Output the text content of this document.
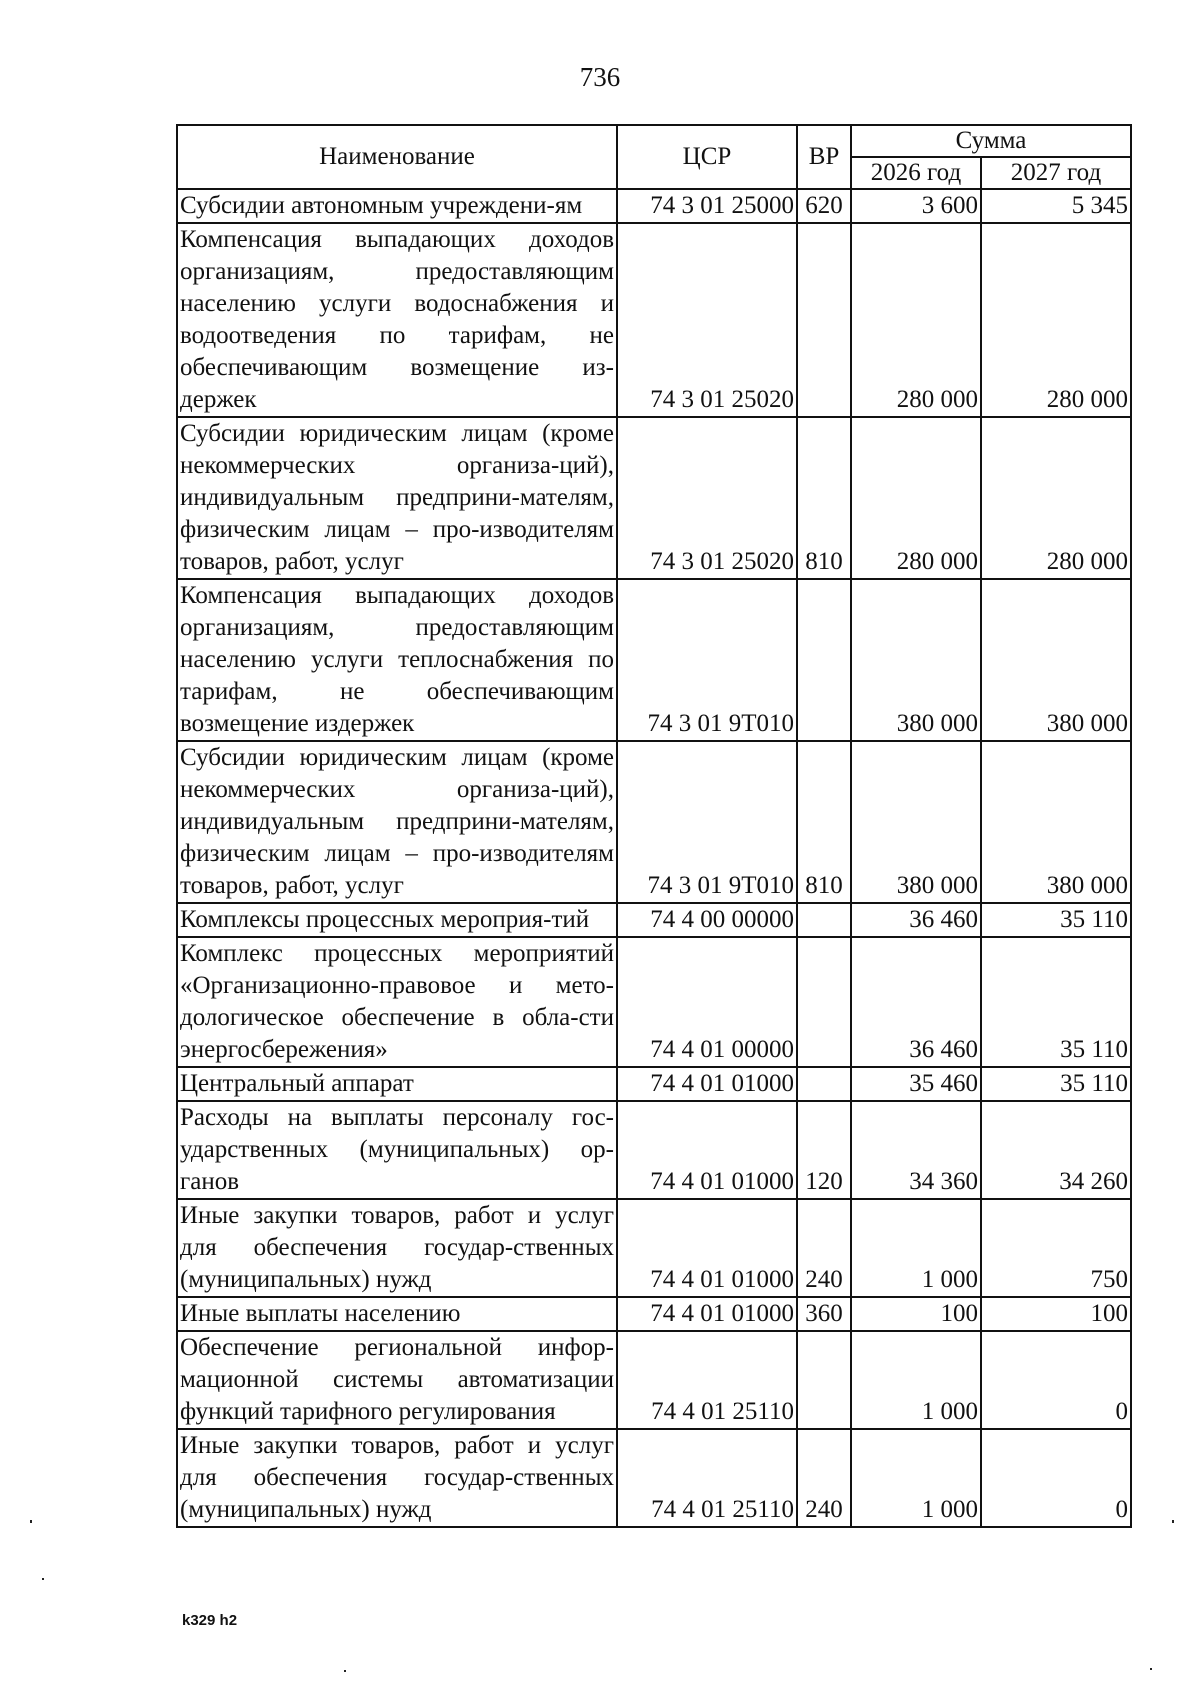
736
Наименование	ЦСР	ВР	Сумма	
			2026 год	2027 год
Субсидии автономным учреждени-ям	74 3 01 25000	620	3 600	5 345
Компенсация выпадающих доходов организациям, предоставляющим населению услуги водоснабжения и водоотведения по тарифам, не обеспечивающим возмещение из-держек	74 3 01 25020		280 000	280 000
Субсидии юридическим лицам (кроме некоммерческих организа-ций), индивидуальным предприни-мателям, физическим лицам – про-изводителям товаров, работ, услуг	74 3 01 25020	810	280 000	280 000
Компенсация выпадающих доходов организациям, предоставляющим населению услуги теплоснабжения по тарифам, не обеспечивающим возмещение издержек	74 3 01 9Т010		380 000	380 000
Субсидии юридическим лицам (кроме некоммерческих организа-ций), индивидуальным предприни-мателям, физическим лицам – про-изводителям товаров, работ, услуг	74 3 01 9Т010	810	380 000	380 000
Комплексы процессных мероприя-тий	74 4 00 00000		36 460	35 110
Комплекс процессных мероприятий «Организационно-правовое и мето-дологическое обеспечение в обла-сти энергосбережения»	74 4 01 00000		36 460	35 110
Центральный аппарат	74 4 01 01000		35 460	35 110
Расходы на выплаты персоналу гос-ударственных (муниципальных) ор-ганов	74 4 01 01000	120	34 360	34 260
Иные закупки товаров, работ и услуг для обеспечения государ-ственных (муниципальных) нужд	74 4 01 01000	240	1 000	750
Иные выплаты населению	74 4 01 01000	360	100	100
Обеспечение региональной инфор-мационной системы автоматизации функций тарифного регулирования	74 4 01 25110		1 000	0
Иные закупки товаров, работ и услуг для обеспечения государ-ственных (муниципальных) нужд	74 4 01 25110	240	1 000	0
k329 h2
